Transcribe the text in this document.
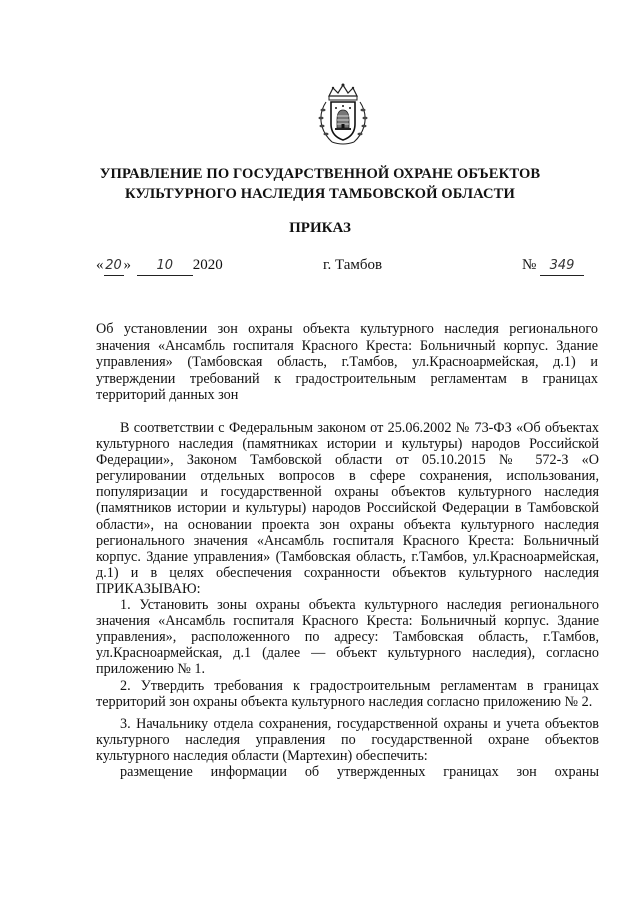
УПРАВЛЕНИЕ ПО ГОСУДАРСТВЕННОЙ ОХРАНЕ ОБЪЕКТОВ
КУЛЬТУРНОГО НАСЛЕДИЯ ТАМБОВСКОЙ ОБЛАСТИ
ПРИКАЗ
« 20 » 10 2020	г. Тамбов	№ 349
Об установлении зон охраны объекта культурного наследия регионального значения «Ансамбль госпиталя Красного Креста: Больничный корпус. Здание управления» (Тамбовская область, г.Тамбов, ул.Красноармейская, д.1) и утверждении требований к градостроительным регламентам в границах территорий данных зон

В соответствии с Федеральным законом от 25.06.2002 № 73-ФЗ «Об объектах культурного наследия (памятниках истории и культуры) народов Российской Федерации», Законом Тамбовской области от 05.10.2015 № 572-З «О регулировании отдельных вопросов в сфере сохранения, использования, популяризации и государственной охраны объектов культурного наследия (памятников истории и культуры) народов Российской Федерации в Тамбовской области», на основании проекта зон охраны объекта культурного наследия регионального значения «Ансамбль госпиталя Красного Креста: Больничный корпус. Здание управления» (Тамбовская область, г.Тамбов, ул.Красноармейская, д.1) и в целях обеспечения сохранности объектов культурного наследия ПРИКАЗЫВАЮ:

1. Установить зоны охраны объекта культурного наследия регионального значения «Ансамбль госпиталя Красного Креста: Больничный корпус. Здание управления», расположенного по адресу: Тамбовская область, г.Тамбов, ул.Красноармейская, д.1 (далее — объект культурного наследия), согласно приложению № 1.

2. Утвердить требования к градостроительным регламентам в границах территорий зон охраны объекта культурного наследия согласно приложению № 2.

3. Начальнику отдела сохранения, государственной охраны и учета объектов культурного наследия управления по государственной охране объектов культурного наследия области (Мартехин) обеспечить:

размещение информации об утвержденных границах зон охраны
